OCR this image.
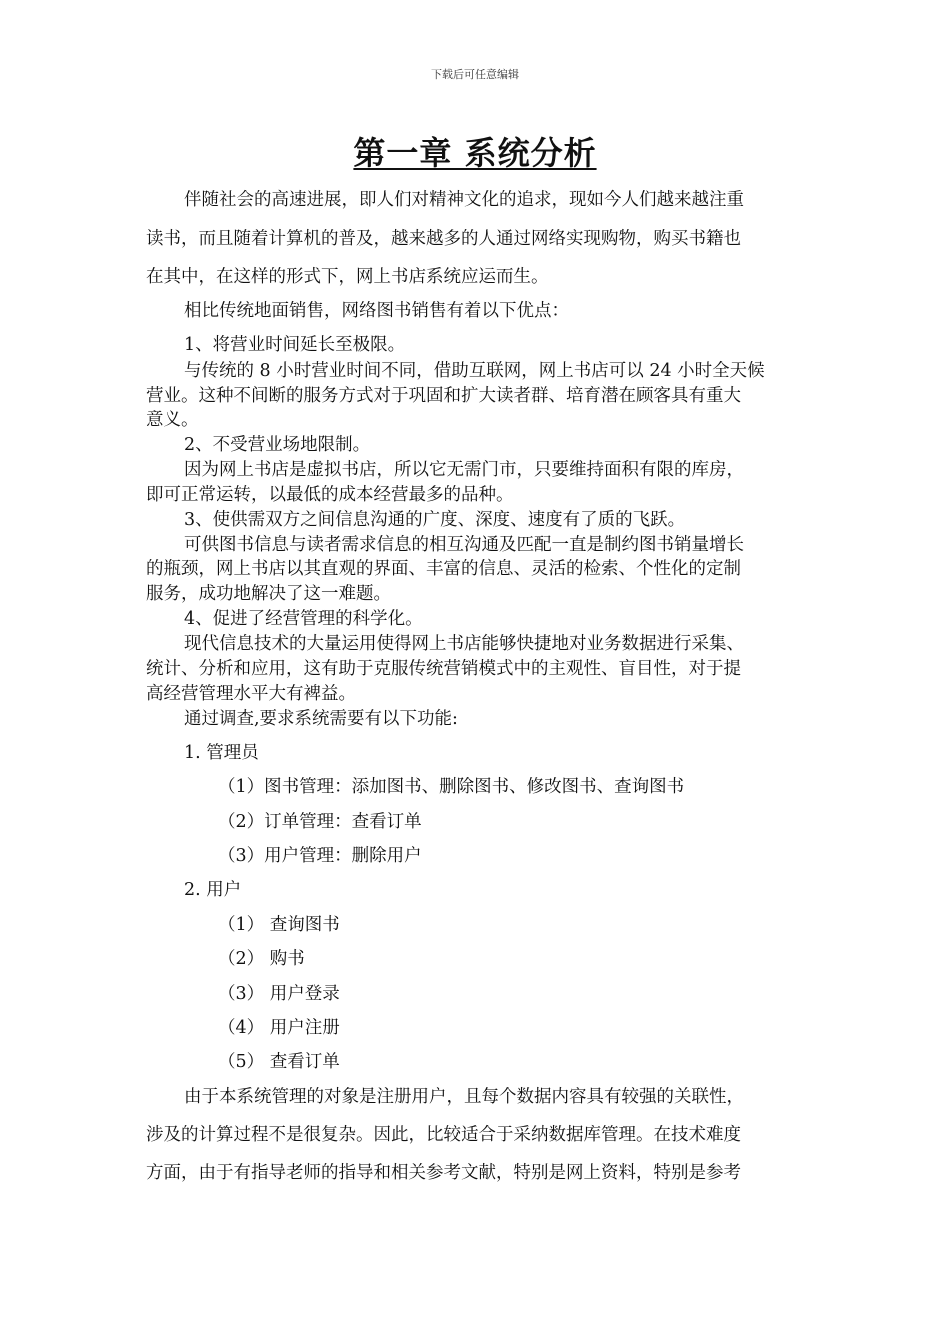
下载后可任意编辑
第一章 系统分析
伴随社会的高速进展，即人们对精神文化的追求，现如今人们越来越注重
读书，而且随着计算机的普及，越来越多的人通过网络实现购物，购买书籍也
在其中，在这样的形式下，网上书店系统应运而生。
相比传统地面销售，网络图书销售有着以下优点：
1、将营业时间延长至极限。
与传统的 8 小时营业时间不同，借助互联网，网上书店可以 24 小时全天候
营业。这种不间断的服务方式对于巩固和扩大读者群、培育潜在顾客具有重大
意义。
2、不受营业场地限制。
因为网上书店是虚拟书店，所以它无需门市，只要维持面积有限的库房，
即可正常运转，以最低的成本经营最多的品种。
3、使供需双方之间信息沟通的广度、深度、速度有了质的飞跃。
可供图书信息与读者需求信息的相互沟通及匹配一直是制约图书销量增长
的瓶颈，网上书店以其直观的界面、丰富的信息、灵活的检索、个性化的定制
服务，成功地解决了这一难题。
4、促进了经营管理的科学化。
现代信息技术的大量运用使得网上书店能够快捷地对业务数据进行采集、
统计、分析和应用，这有助于克服传统营销模式中的主观性、盲目性，对于提
高经营管理水平大有裨益。
通过调查,要求系统需要有以下功能:
1. 管理员
（1）图书管理：添加图书、删除图书、修改图书、查询图书
（2）订单管理：查看订单
（3）用户管理：删除用户
2. 用户
（1） 查询图书
（2） 购书
（3） 用户登录
（4） 用户注册
（5） 查看订单
由于本系统管理的对象是注册用户，且每个数据内容具有较强的关联性，
涉及的计算过程不是很复杂。因此，比较适合于采纳数据库管理。在技术难度
方面，由于有指导老师的指导和相关参考文献，特别是网上资料，特别是参考
